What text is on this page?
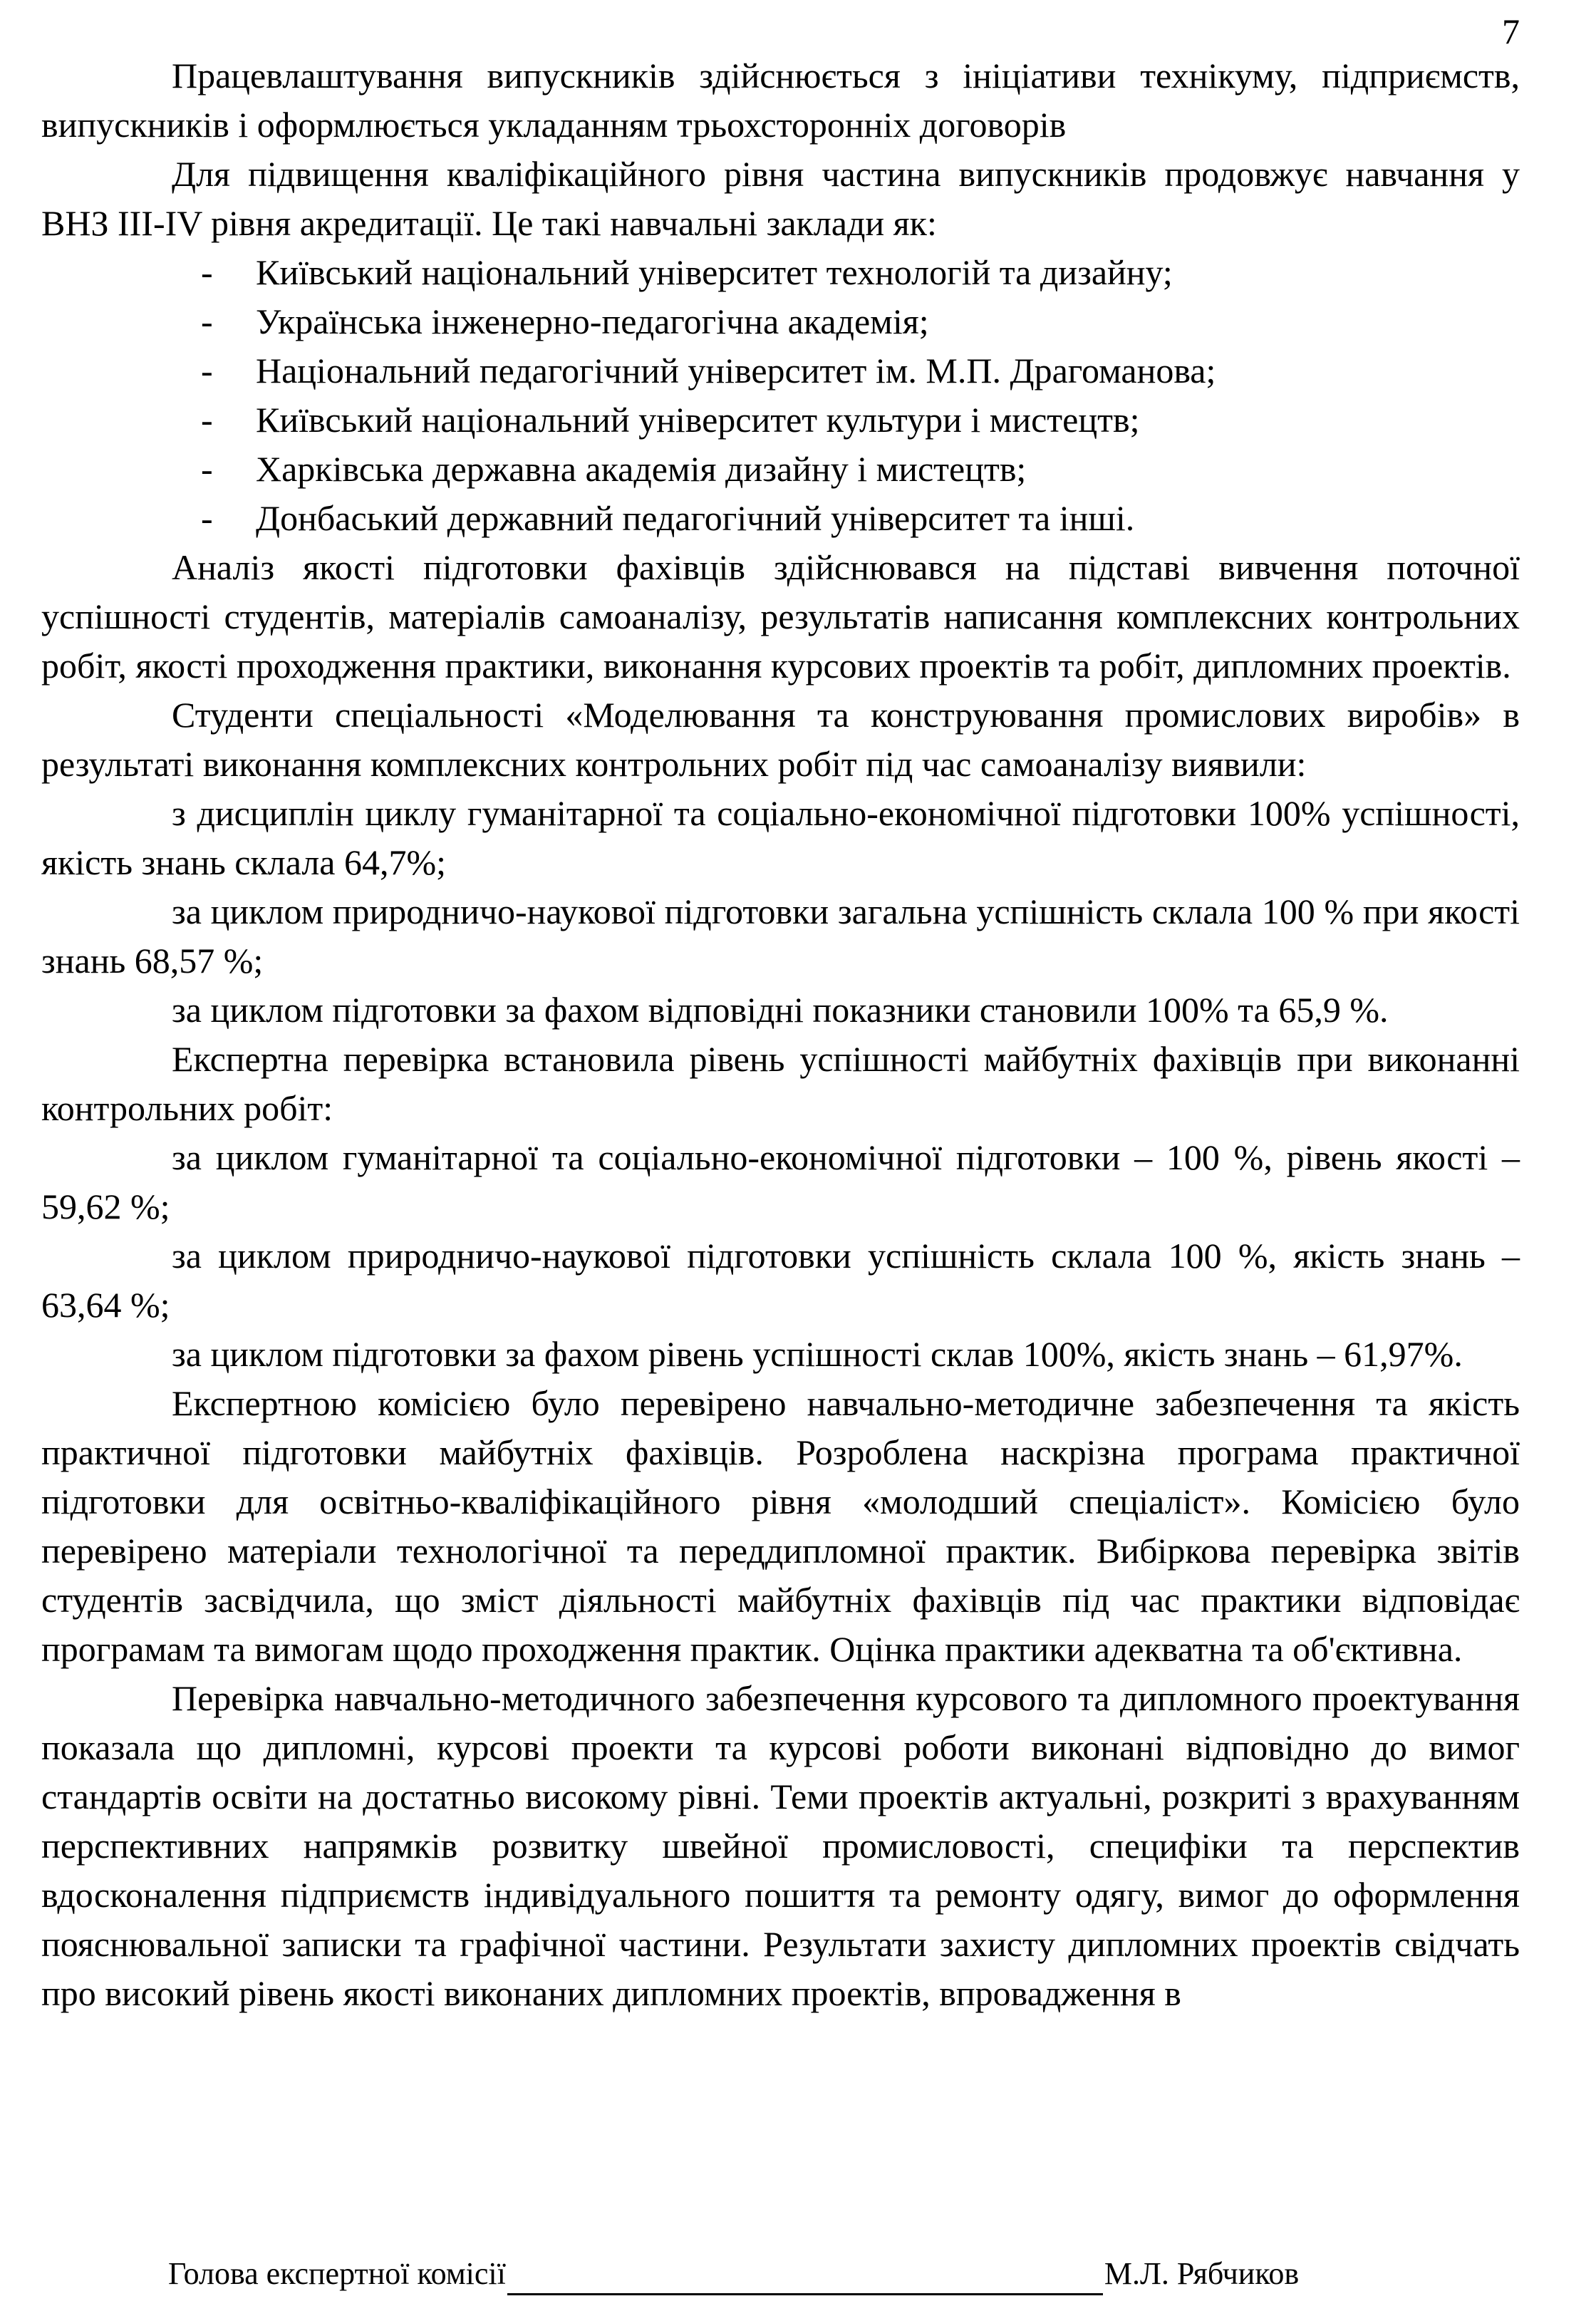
7

Працевлаштування випускників здійснюється з ініціативи технікуму, підприємств, випускників і оформлюється укладанням трьохсторонніх договорів

Для підвищення кваліфікаційного рівня частина випускників продовжує навчання у ВНЗ ІІІ-ІV рівня акредитації. Це такі навчальні заклади як:

- Київський національний університет технологій та дизайну;
- Українська інженерно-педагогічна академія;
- Національний педагогічний університет ім. М.П. Драгоманова;
- Київський національний університет культури і мистецтв;
- Харківська державна академія дизайну і мистецтв;
- Донбаський державний педагогічний університет та інші.

Аналіз якості підготовки фахівців здійснювався на підставі вивчення поточної успішності студентів, матеріалів самоаналізу, результатів написання комплексних контрольних робіт, якості проходження практики, виконання курсових проектів та робіт, дипломних проектів.

Студенти спеціальності «Моделювання та конструювання промислових виробів» в результаті виконання комплексних контрольних робіт під час самоаналізу виявили:

з дисциплін циклу гуманітарної та соціально-економічної підготовки 100% успішності, якість знань склала 64,7%;

за циклом природничо-наукової підготовки загальна успішність склала 100 % при якості знань 68,57 %;

за циклом підготовки за фахом відповідні показники становили 100% та 65,9 %.

Експертна перевірка встановила рівень успішності майбутніх фахівців при виконанні контрольних робіт:

за циклом гуманітарної та соціально-економічної підготовки – 100 %, рівень якості – 59,62 %;

за циклом природничо-наукової підготовки успішність склала 100 %, якість знань – 63,64 %;

за циклом підготовки за фахом рівень успішності склав 100%, якість знань – 61,97%.

Експертною комісією було перевірено навчально-методичне забезпечення та якість практичної підготовки майбутніх фахівців. Розроблена наскрізна програма практичної підготовки для освітньо-кваліфікаційного рівня «молодший спеціаліст». Комісією було перевірено матеріали технологічної та переддипломної практик. Вибіркова перевірка звітів студентів засвідчила, що зміст діяльності майбутніх фахівців під час практики відповідає програмам та вимогам щодо проходження практик. Оцінка практики адекватна та об'єктивна.

Перевірка навчально-методичного забезпечення курсового та дипломного проектування показала що дипломні, курсові проекти та курсові роботи виконані відповідно до вимог стандартів освіти на достатньо високому рівні. Теми проектів актуальні, розкриті з врахуванням перспективних напрямків розвитку швейної промисловості, специфіки та перспектив вдосконалення підприємств індивідуального пошиття та ремонту одягу, вимог до оформлення пояснювальної записки та графічної частини. Результати захисту дипломних проектів свідчать про високий рівень якості виконаних дипломних проектів, впровадження в

Голова експертної комісії	М.Л. Рябчиков
